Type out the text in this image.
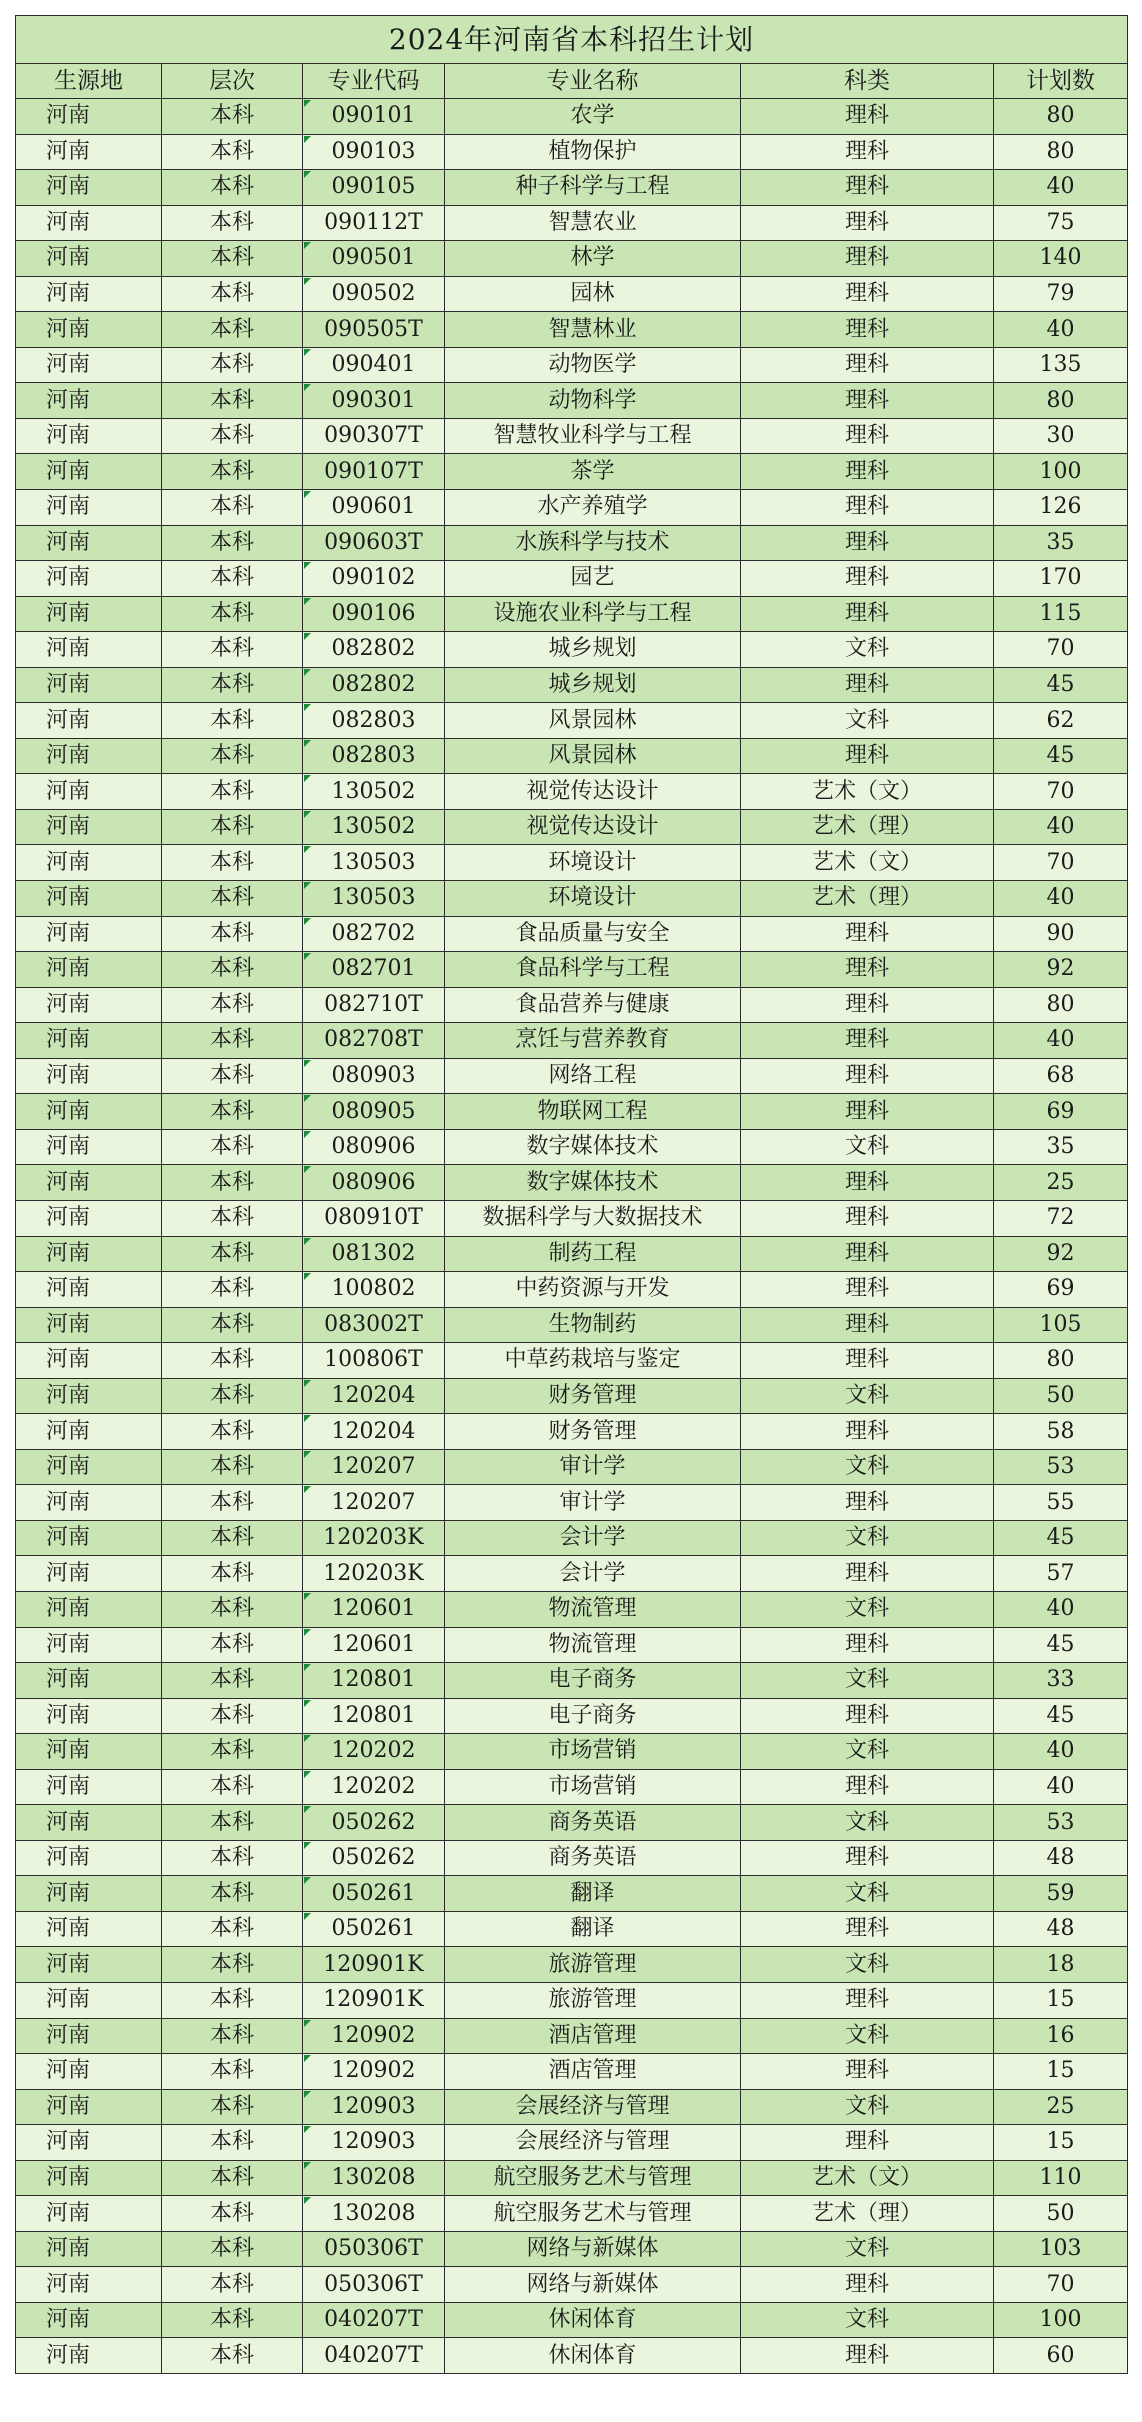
2024年河南省本科招生计划					
生源地	层次	专业代码	专业名称	科类	计划数
河南	本科	090101	农学	理科	80
河南	本科	090103	植物保护	理科	80
河南	本科	090105	种子科学与工程	理科	40
河南	本科	090112T	智慧农业	理科	75
河南	本科	090501	林学	理科	140
河南	本科	090502	园林	理科	79
河南	本科	090505T	智慧林业	理科	40
河南	本科	090401	动物医学	理科	135
河南	本科	090301	动物科学	理科	80
河南	本科	090307T	智慧牧业科学与工程	理科	30
河南	本科	090107T	茶学	理科	100
河南	本科	090601	水产养殖学	理科	126
河南	本科	090603T	水族科学与技术	理科	35
河南	本科	090102	园艺	理科	170
河南	本科	090106	设施农业科学与工程	理科	115
河南	本科	082802	城乡规划	文科	70
河南	本科	082802	城乡规划	理科	45
河南	本科	082803	风景园林	文科	62
河南	本科	082803	风景园林	理科	45
河南	本科	130502	视觉传达设计	艺术（文）	70
河南	本科	130502	视觉传达设计	艺术（理）	40
河南	本科	130503	环境设计	艺术（文）	70
河南	本科	130503	环境设计	艺术（理）	40
河南	本科	082702	食品质量与安全	理科	90
河南	本科	082701	食品科学与工程	理科	92
河南	本科	082710T	食品营养与健康	理科	80
河南	本科	082708T	烹饪与营养教育	理科	40
河南	本科	080903	网络工程	理科	68
河南	本科	080905	物联网工程	理科	69
河南	本科	080906	数字媒体技术	文科	35
河南	本科	080906	数字媒体技术	理科	25
河南	本科	080910T	数据科学与大数据技术	理科	72
河南	本科	081302	制药工程	理科	92
河南	本科	100802	中药资源与开发	理科	69
河南	本科	083002T	生物制药	理科	105
河南	本科	100806T	中草药栽培与鉴定	理科	80
河南	本科	120204	财务管理	文科	50
河南	本科	120204	财务管理	理科	58
河南	本科	120207	审计学	文科	53
河南	本科	120207	审计学	理科	55
河南	本科	120203K	会计学	文科	45
河南	本科	120203K	会计学	理科	57
河南	本科	120601	物流管理	文科	40
河南	本科	120601	物流管理	理科	45
河南	本科	120801	电子商务	文科	33
河南	本科	120801	电子商务	理科	45
河南	本科	120202	市场营销	文科	40
河南	本科	120202	市场营销	理科	40
河南	本科	050262	商务英语	文科	53
河南	本科	050262	商务英语	理科	48
河南	本科	050261	翻译	文科	59
河南	本科	050261	翻译	理科	48
河南	本科	120901K	旅游管理	文科	18
河南	本科	120901K	旅游管理	理科	15
河南	本科	120902	酒店管理	文科	16
河南	本科	120902	酒店管理	理科	15
河南	本科	120903	会展经济与管理	文科	25
河南	本科	120903	会展经济与管理	理科	15
河南	本科	130208	航空服务艺术与管理	艺术（文）	110
河南	本科	130208	航空服务艺术与管理	艺术（理）	50
河南	本科	050306T	网络与新媒体	文科	103
河南	本科	050306T	网络与新媒体	理科	70
河南	本科	040207T	休闲体育	文科	100
河南	本科	040207T	休闲体育	理科	60
